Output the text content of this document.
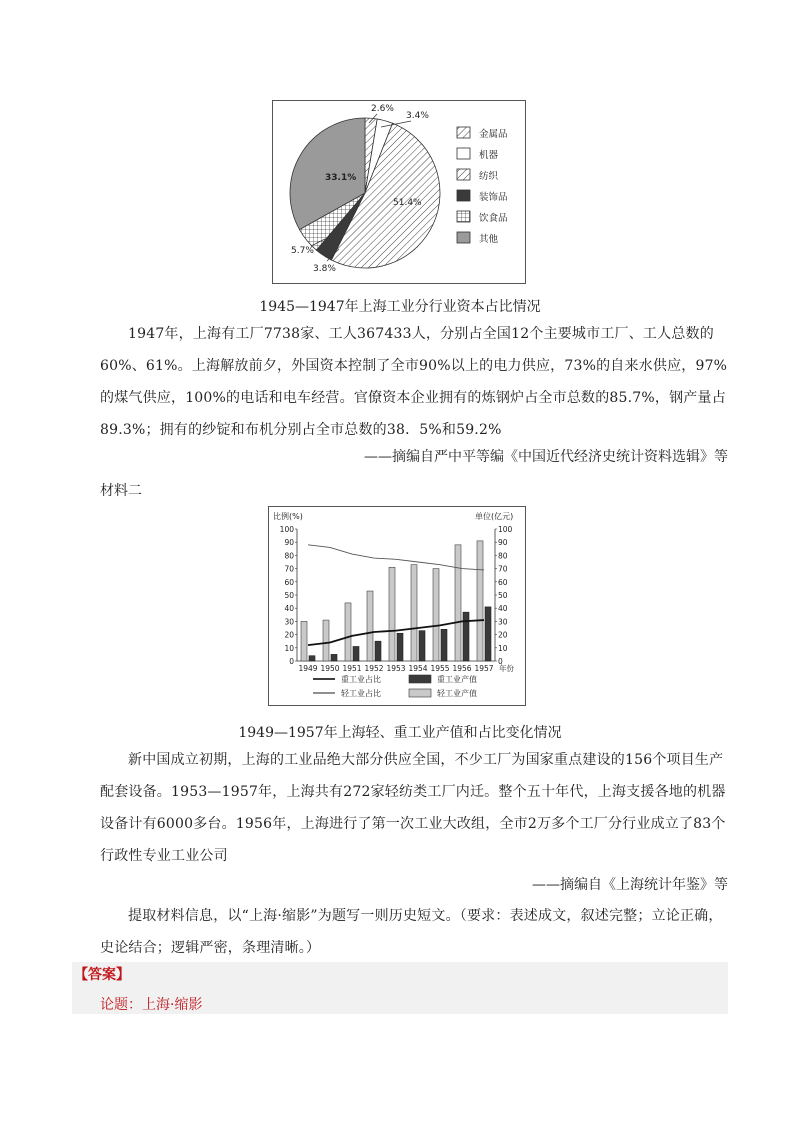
2.6%
3.4%
51.4%
3.8%
5.7%
33.1%
金属品
机器
纺织
装饰品
饮食品
其他
1945—1947年上海工业分行业资本占比情况
1947年，上海有工厂7738家、工人367433人，分别占全国12个主要城市工厂、工人总数的60%、61%。上海解放前夕，外国资本控制了全市90%以上的电力供应，73%的自来水供应，97%的煤气供应，100%的电话和电车经营。官僚资本企业拥有的炼钢炉占全市总数的85.7%，钢产量占89.3%；拥有的纱锭和布机分别占全市总数的38．5%和59.2%
——摘编自严中平等编《中国近代经济史统计资料选辑》等
材料二
比例(%)	单位(亿元)
0	0
10	10
20	20
30	30
40	40
50	50
60	60
70	70
80	80
90	90
100	100
1949 1950 1951 1952 1953 1954 1955 1956 1957 年份
重工业占比	重工业产值
轻工业占比	轻工业产值
1949—1957年上海轻、重工业产值和占比变化情况
新中国成立初期，上海的工业品绝大部分供应全国，不少工厂为国家重点建设的156个项目生产配套设备。1953—1957年，上海共有272家轻纺类工厂内迁。整个五十年代，上海支援各地的机器设备计有6000多台。1956年，上海进行了第一次工业大改组，全市2万多个工厂分行业成立了83个行政性专业工业公司
——摘编自《上海统计年鉴》等
提取材料信息，以“上海·缩影”为题写一则历史短文。（要求：表述成文，叙述完整；立论正确，史论结合；逻辑严密，条理清晰。）
【答案】
论题：上海·缩影
